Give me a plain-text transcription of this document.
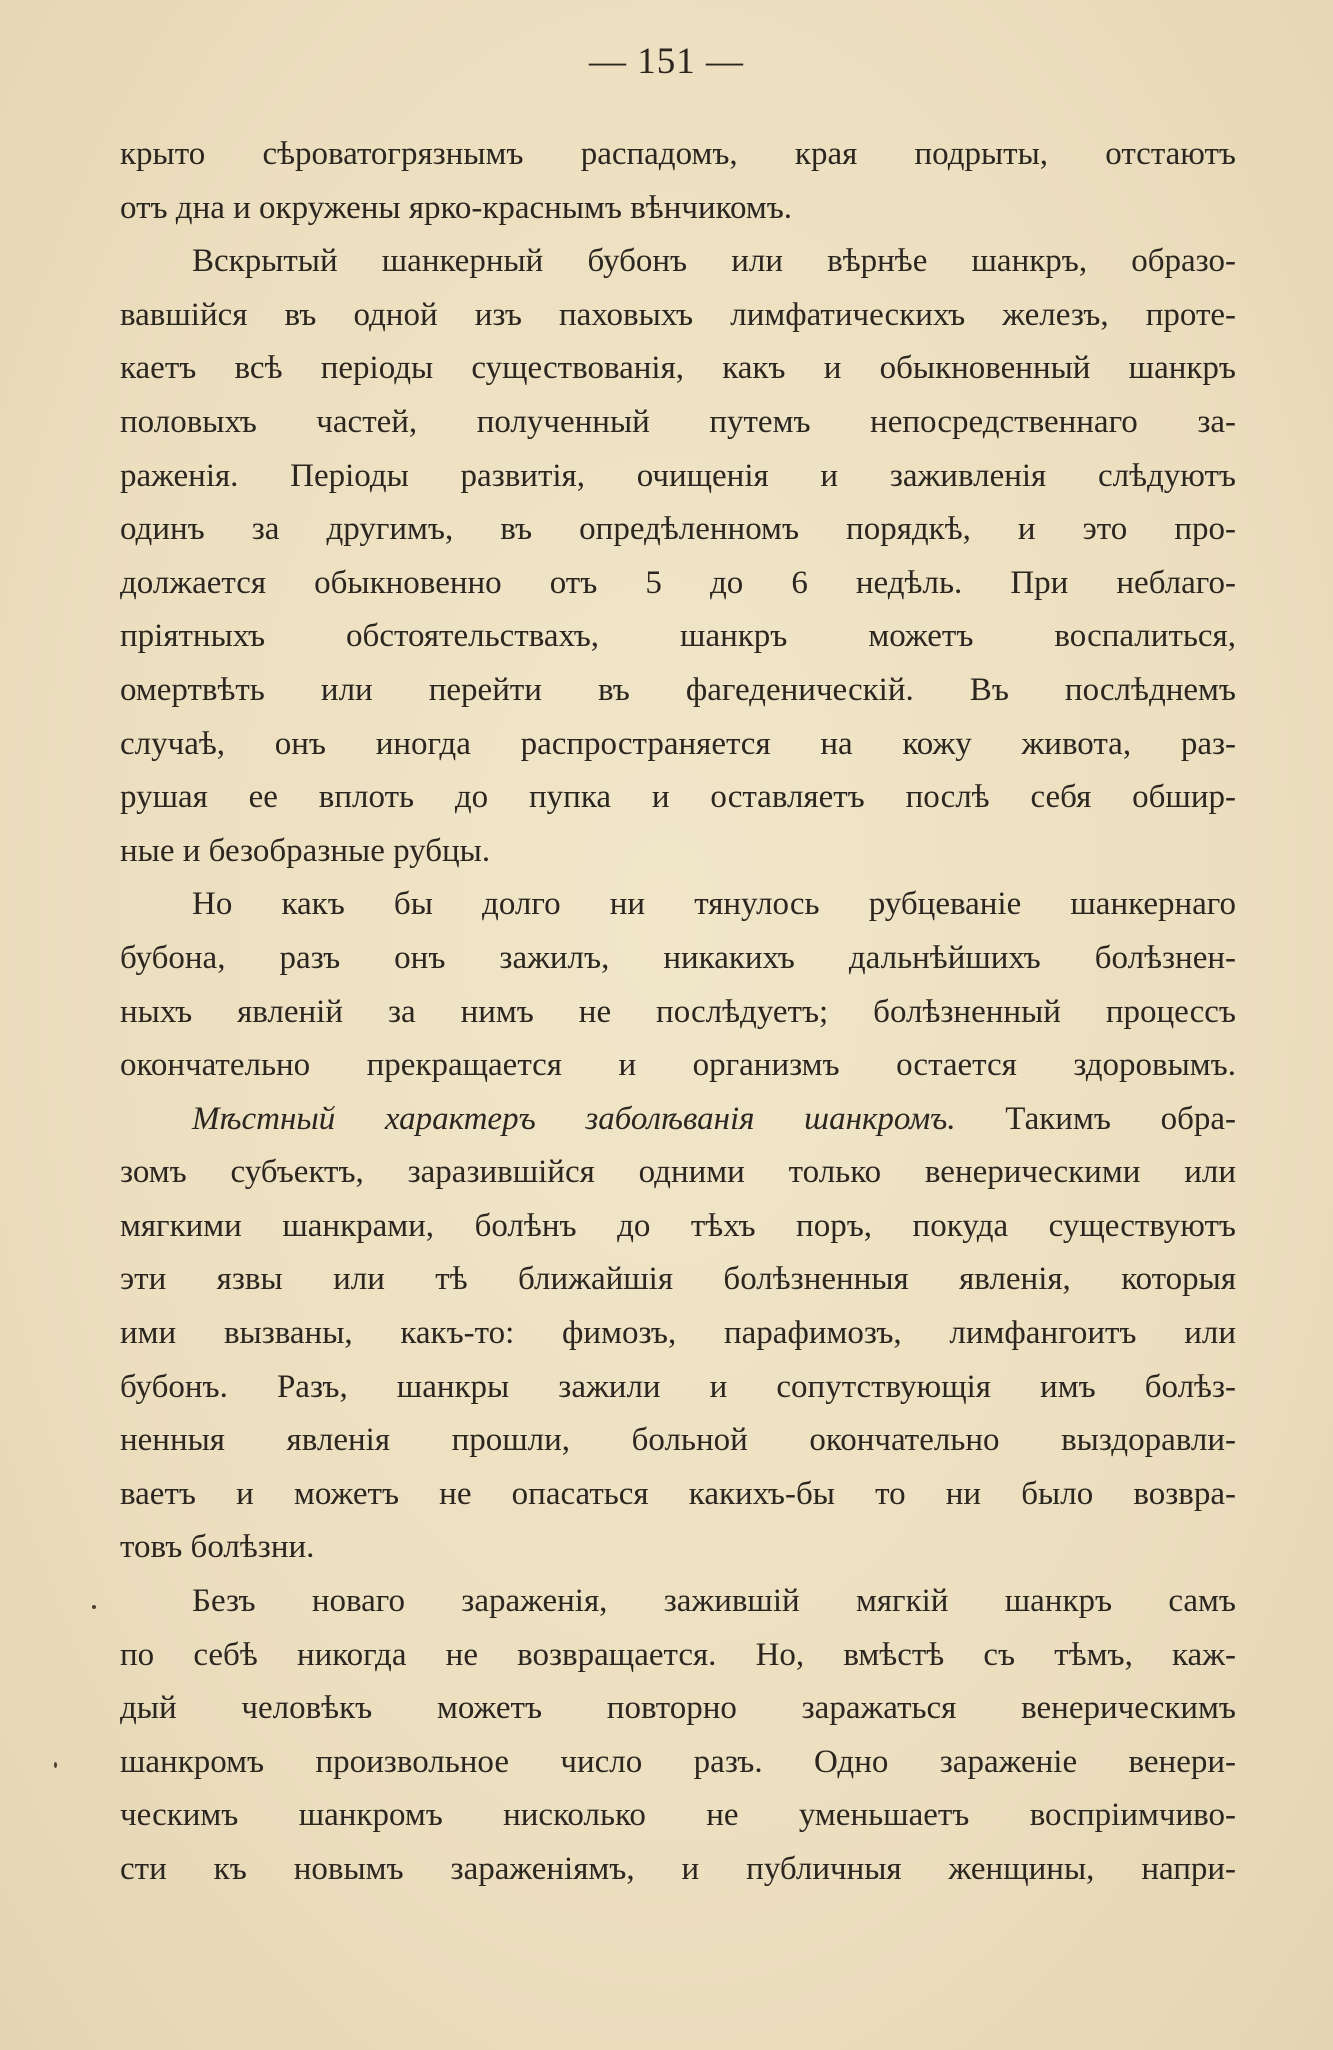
— 151 —
крыто сѣроватогрязнымъ распадомъ, края подрыты, отстаютъ
отъ дна и окружены ярко-краснымъ вѣнчикомъ.
Вскрытый шанкерный бубонъ или вѣрнѣе шанкръ, образо-
вавшійся въ одной изъ паховыхъ лимфатическихъ железъ, проте-
каетъ всѣ періоды существованія, какъ и обыкновенный шанкръ
половыхъ частей, полученный путемъ непосредственнаго за-
раженія. Періоды развитія, очищенія и заживленія слѣдуютъ
одинъ за другимъ, въ опредѣленномъ порядкѣ, и это про-
должается обыкновенно отъ 5 до 6 недѣль. При неблаго-
пріятныхъ обстоятельствахъ, шанкръ можетъ воспалиться,
омертвѣть или перейти въ фагеденическій. Въ послѣднемъ
случаѣ, онъ иногда распространяется на кожу живота, раз-
рушая ее вплоть до пупка и оставляетъ послѣ себя обшир-
ные и безобразные рубцы.
Но какъ бы долго ни тянулось рубцеваніе шанкернаго
бубона, разъ онъ зажилъ, никакихъ дальнѣйшихъ болѣзнен-
ныхъ явленій за нимъ не послѣдуетъ; болѣзненный процессъ
окончательно прекращается и организмъ остается здоровымъ.
Мѣстный характеръ заболѣванія шанкромъ. Такимъ обра-
зомъ субъектъ, заразившійся одними только венерическими или
мягкими шанкрами, болѣнъ до тѣхъ поръ, покуда существуютъ
эти язвы или тѣ ближайшія болѣзненныя явленія, которыя
ими вызваны, какъ-то: фимозъ, парафимозъ, лимфангоитъ или
бубонъ. Разъ, шанкры зажили и сопутствующія имъ болѣз-
ненныя явленія прошли, больной окончательно выздоравли-
ваетъ и можетъ не опасаться какихъ-бы то ни было возвра-
товъ болѣзни.
Безъ новаго зараженія, зажившій мягкій шанкръ самъ
по себѣ никогда не возвращается. Но, вмѣстѣ съ тѣмъ, каж-
дый человѣкъ можетъ повторно заражаться венерическимъ
шанкромъ произвольное число разъ. Одно зараженіе венери-
ческимъ шанкромъ нисколько не уменьшаетъ воспріимчиво-
сти къ новымъ зараженіямъ, и публичныя женщины, напри-
